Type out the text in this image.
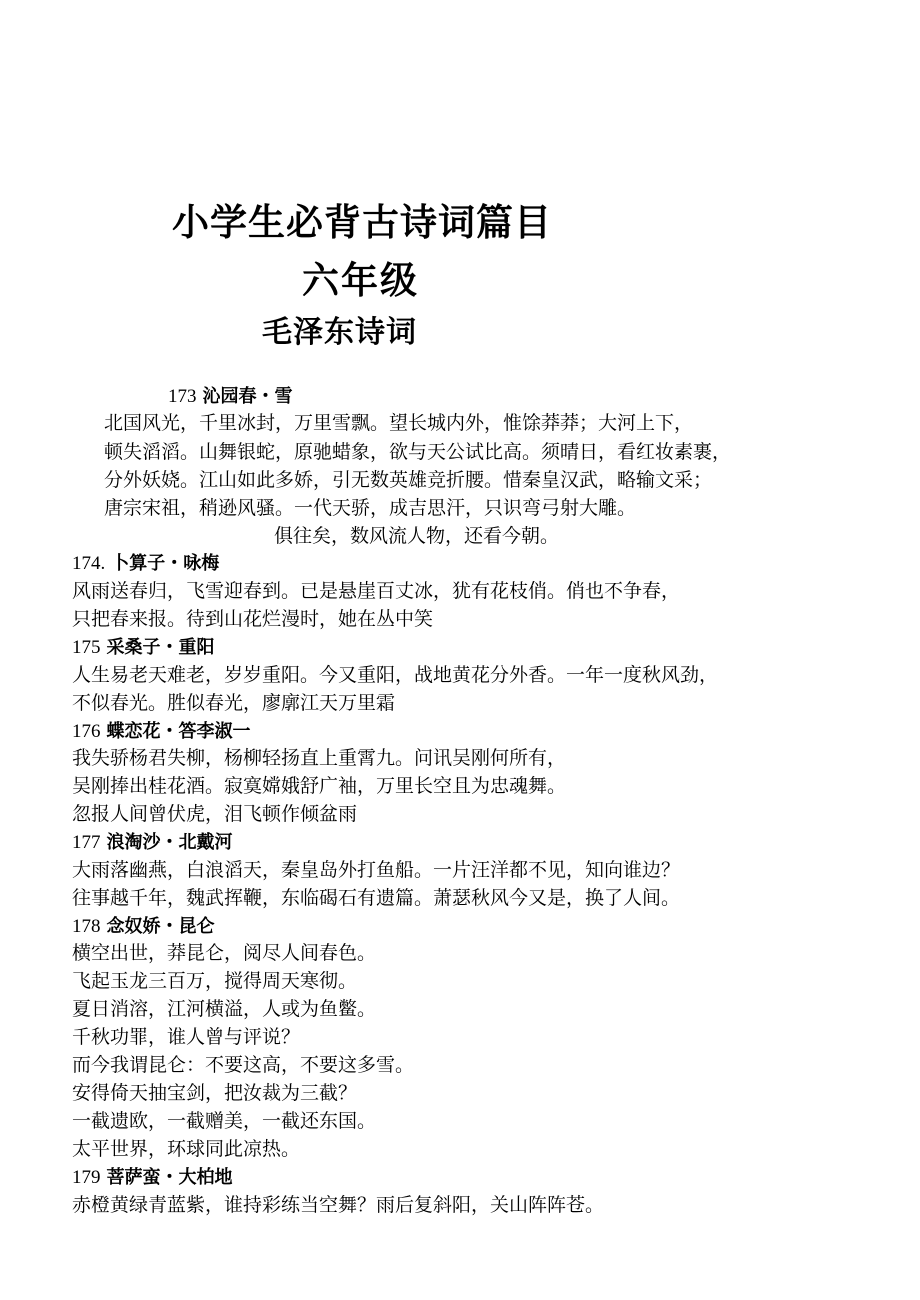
小学生必背古诗词篇目
六年级
毛泽东诗词
173 沁园春・雪
北国风光，千里冰封，万里雪飘。望长城内外，惟馀莽莽；大河上下，
顿失滔滔。山舞银蛇，原驰蜡象，欲与天公试比高。须晴日，看红妆素裹，
分外妖娆。江山如此多娇，引无数英雄竞折腰。惜秦皇汉武，略输文采；
唐宗宋祖，稍逊风骚。一代天骄，成吉思汗，只识弯弓射大雕。
俱往矣，数风流人物，还看今朝。
174. 卜算子・咏梅
风雨送春归，飞雪迎春到。已是悬崖百丈冰，犹有花枝俏。俏也不争春，
只把春来报。待到山花烂漫时，她在丛中笑
175 采桑子・重阳
人生易老天难老，岁岁重阳。今又重阳，战地黄花分外香。一年一度秋风劲，
不似春光。胜似春光，廖廓江天万里霜
176 蝶恋花・答李淑一
我失骄杨君失柳，杨柳轻扬直上重霄九。问讯吴刚何所有，
吴刚捧出桂花酒。寂寞嫦娥舒广袖，万里长空且为忠魂舞。
忽报人间曾伏虎，泪飞顿作倾盆雨
177 浪淘沙・北戴河
大雨落幽燕，白浪滔天，秦皇岛外打鱼船。一片汪洋都不见，知向谁边？
往事越千年，魏武挥鞭，东临碣石有遗篇。萧瑟秋风今又是，换了人间。
178 念奴娇・昆仑
横空出世，莽昆仑，阅尽人间春色。
飞起玉龙三百万，搅得周天寒彻。
夏日消溶，江河横溢，人或为鱼鳖。
千秋功罪，谁人曾与评说？
而今我谓昆仑：不要这高，不要这多雪。
安得倚天抽宝剑，把汝裁为三截？
一截遗欧，一截赠美，一截还东国。
太平世界，环球同此凉热。
179 菩萨蛮・大柏地
赤橙黄绿青蓝紫，谁持彩练当空舞？雨后复斜阳，关山阵阵苍。
